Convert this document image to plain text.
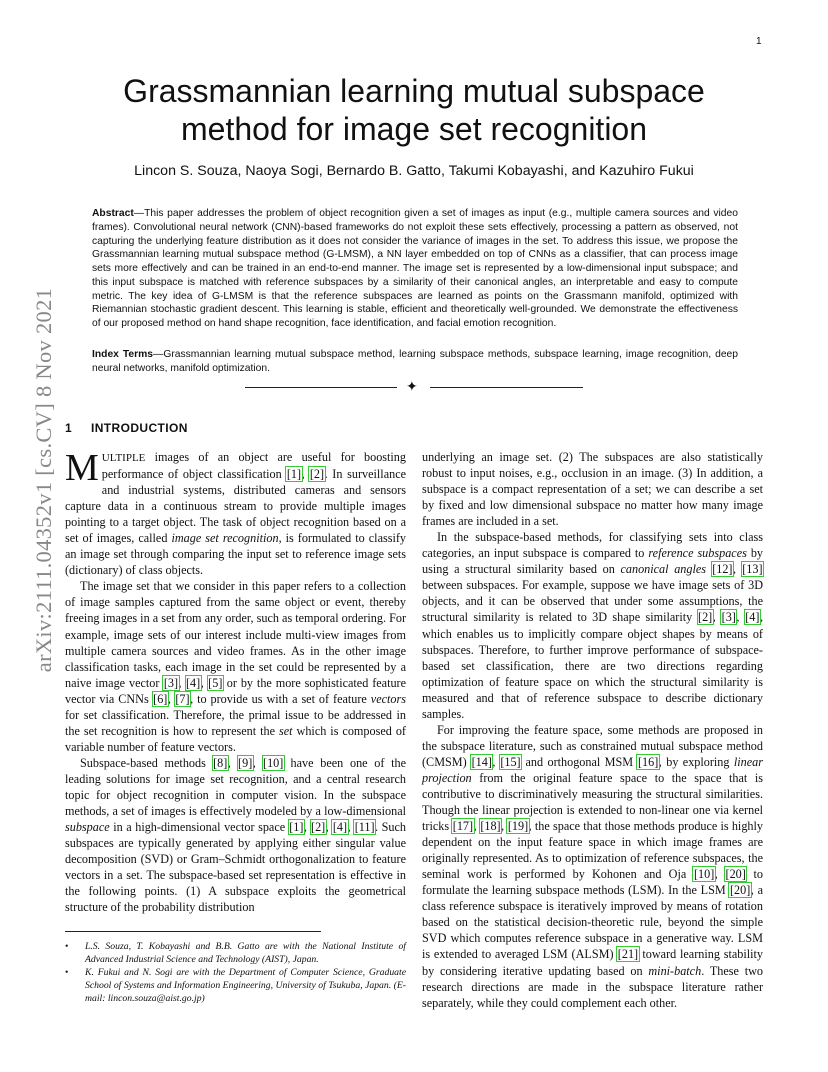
1
arXiv:2111.04352v1 [cs.CV] 8 Nov 2021
Grassmannian learning mutual subspace method for image set recognition
Lincon S. Souza, Naoya Sogi, Bernardo B. Gatto, Takumi Kobayashi, and Kazuhiro Fukui
Abstract—This paper addresses the problem of object recognition given a set of images as input (e.g., multiple camera sources and video frames). Convolutional neural network (CNN)-based frameworks do not exploit these sets effectively, processing a pattern as observed, not capturing the underlying feature distribution as it does not consider the variance of images in the set. To address this issue, we propose the Grassmannian learning mutual subspace method (G-LMSM), a NN layer embedded on top of CNNs as a classifier, that can process image sets more effectively and can be trained in an end-to-end manner. The image set is represented by a low-dimensional input subspace; and this input subspace is matched with reference subspaces by a similarity of their canonical angles, an interpretable and easy to compute metric. The key idea of G-LMSM is that the reference subspaces are learned as points on the Grassmann manifold, optimized with Riemannian stochastic gradient descent. This learning is stable, efficient and theoretically well-grounded. We demonstrate the effectiveness of our proposed method on hand shape recognition, face identification, and facial emotion recognition.
Index Terms—Grassmannian learning mutual subspace method, learning subspace methods, subspace learning, image recognition, deep neural networks, manifold optimization.
✦
1 INTRODUCTION

MULTIPLE images of an object are useful for boosting performance of object classification [1], [2]. In surveillance and industrial systems, distributed cameras and sensors capture data in a continuous stream to provide multiple images pointing to a target object. The task of object recognition based on a set of images, called image set recognition, is formulated to classify an image set through comparing the input set to reference image sets (dictionary) of class objects.

The image set that we consider in this paper refers to a collection of image samples captured from the same object or event, thereby freeing images in a set from any order, such as temporal ordering. For example, image sets of our interest include multi-view images from multiple camera sources and video frames. As in the other image classification tasks, each image in the set could be represented by a naive image vector [3], [4], [5] or by the more sophisticated feature vector via CNNs [6], [7], to provide us with a set of feature vectors for set classification. Therefore, the primal issue to be addressed in the set recognition is how to represent the set which is composed of variable number of feature vectors.

Subspace-based methods [8], [9], [10] have been one of the leading solutions for image set recognition, and a central research topic for object recognition in computer vision. In the subspace methods, a set of images is effectively modeled by a low-dimensional subspace in a high-dimensional vector space [1], [2], [4], [11]. Such subspaces are typically generated by applying either singular value decomposition (SVD) or Gram–Schmidt orthogonalization to feature vectors in a set. The subspace-based set representation is effective in the following points. (1) A subspace exploits the geometrical structure of the probability distribution

• L.S. Souza, T. Kobayashi and B.B. Gatto are with the National Institute of Advanced Industrial Science and Technology (AIST), Japan.
• K. Fukui and N. Sogi are with the Department of Computer Science, Graduate School of Systems and Information Engineering, University of Tsukuba, Japan. (E-mail: lincon.souza@aist.go.jp)

underlying an image set. (2) The subspaces are also statistically robust to input noises, e.g., occlusion in an image. (3) In addition, a subspace is a compact representation of a set; we can describe a set by fixed and low dimensional subspace no matter how many image frames are included in a set.

In the subspace-based methods, for classifying sets into class categories, an input subspace is compared to reference subspaces by using a structural similarity based on canonical angles [12], [13] between subspaces. For example, suppose we have image sets of 3D objects, and it can be observed that under some assumptions, the structural similarity is related to 3D shape similarity [2], [3], [4], which enables us to implicitly compare object shapes by means of subspaces. Therefore, to further improve performance of subspace-based set classification, there are two directions regarding optimization of feature space on which the structural similarity is measured and that of reference subspace to describe dictionary samples.

For improving the feature space, some methods are proposed in the subspace literature, such as constrained mutual subspace method (CMSM) [14], [15] and orthogonal MSM [16], by exploring linear projection from the original feature space to the space that is contributive to discriminatively measuring the structural similarities. Though the linear projection is extended to non-linear one via kernel tricks [17], [18], [19], the space that those methods produce is highly dependent on the input feature space in which image frames are originally represented. As to optimization of reference subspaces, the seminal work is performed by Kohonen and Oja [10], [20] to formulate the learning subspace methods (LSM). In the LSM [20], a class reference subspace is iteratively improved by means of rotation based on the statistical decision-theoretic rule, beyond the simple SVD which computes reference subspace in a generative way. LSM is extended to averaged LSM (ALSM) [21] toward learning stability by considering iterative updating based on mini-batch. These two research directions are made in the subspace literature rather separately, while they could complement each other.
